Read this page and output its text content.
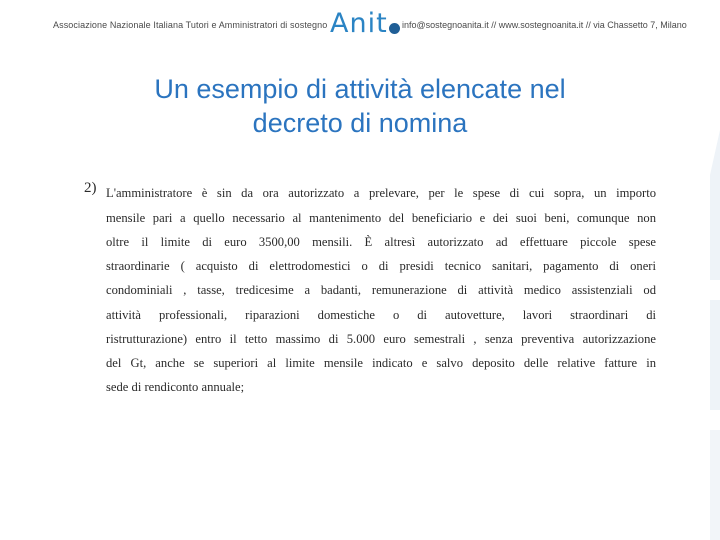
Associazione Nazionale Italiana Tutori e Amministratori di sostegno Anit info@sostegnoanita.it // www.sostegnoanita.it // via Chassetto 7, Milano
Un esempio di attività elencate nel
decreto di nomina
2) L'amministratore è sin da ora autorizzato a prelevare, per le spese di cui sopra, un importo
mensile pari a quello necessario al mantenimento del beneficiario e dei suoi beni, comunque non
oltre il limite di euro 3500,00 mensili. È altresì autorizzato ad effettuare piccole spese
straordinarie ( acquisto di elettrodomestici o di presidi tecnico sanitari, pagamento di oneri
condominiali , tasse, tredicesime a badanti, remunerazione di attività medico assistenziali od
attività professionali, riparazioni domestiche o di autovetture, lavori straordinari di
ristrutturazione) entro il tetto massimo di 5.000 euro semestrali , senza preventiva autorizzazione
del Gt, anche se superiori al limite mensile indicato e salvo deposito delle relative fatture in
sede di rendiconto annuale;
